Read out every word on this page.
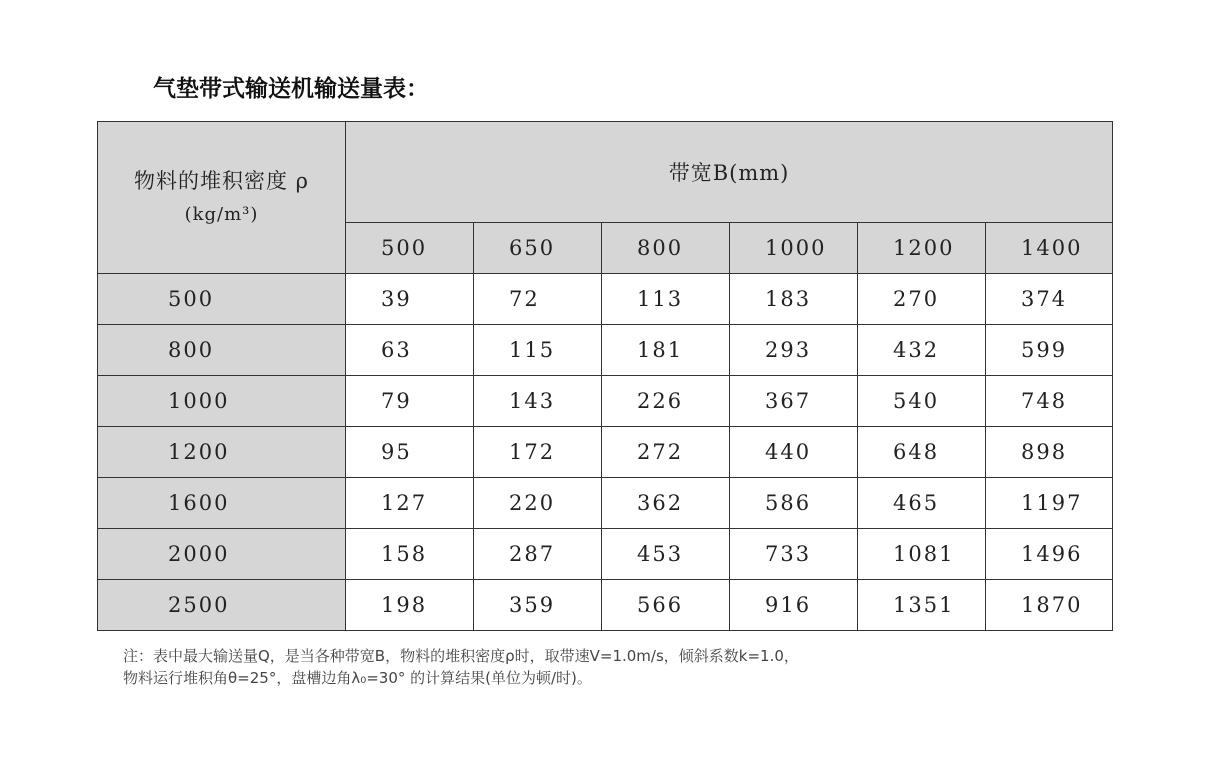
气垫带式输送机输送量表：
物料的堆积密度 ρ
(kg/m³)	带宽B(mm)					
	500	650	800	1000	1200	1400
500	39	72	113	183	270	374
800	63	115	181	293	432	599
1000	79	143	226	367	540	748
1200	95	172	272	440	648	898
1600	127	220	362	586	465	1197
2000	158	287	453	733	1081	1496
2500	198	359	566	916	1351	1870
注：表中最大输送量Q，是当各种带宽B，物料的堆积密度ρ时，取带速V=1.0m/s，倾斜系数k=1.0，
物料运行堆积角θ=25°，盘槽边角λ₀=30° 的计算结果(单位为顿/时)。
